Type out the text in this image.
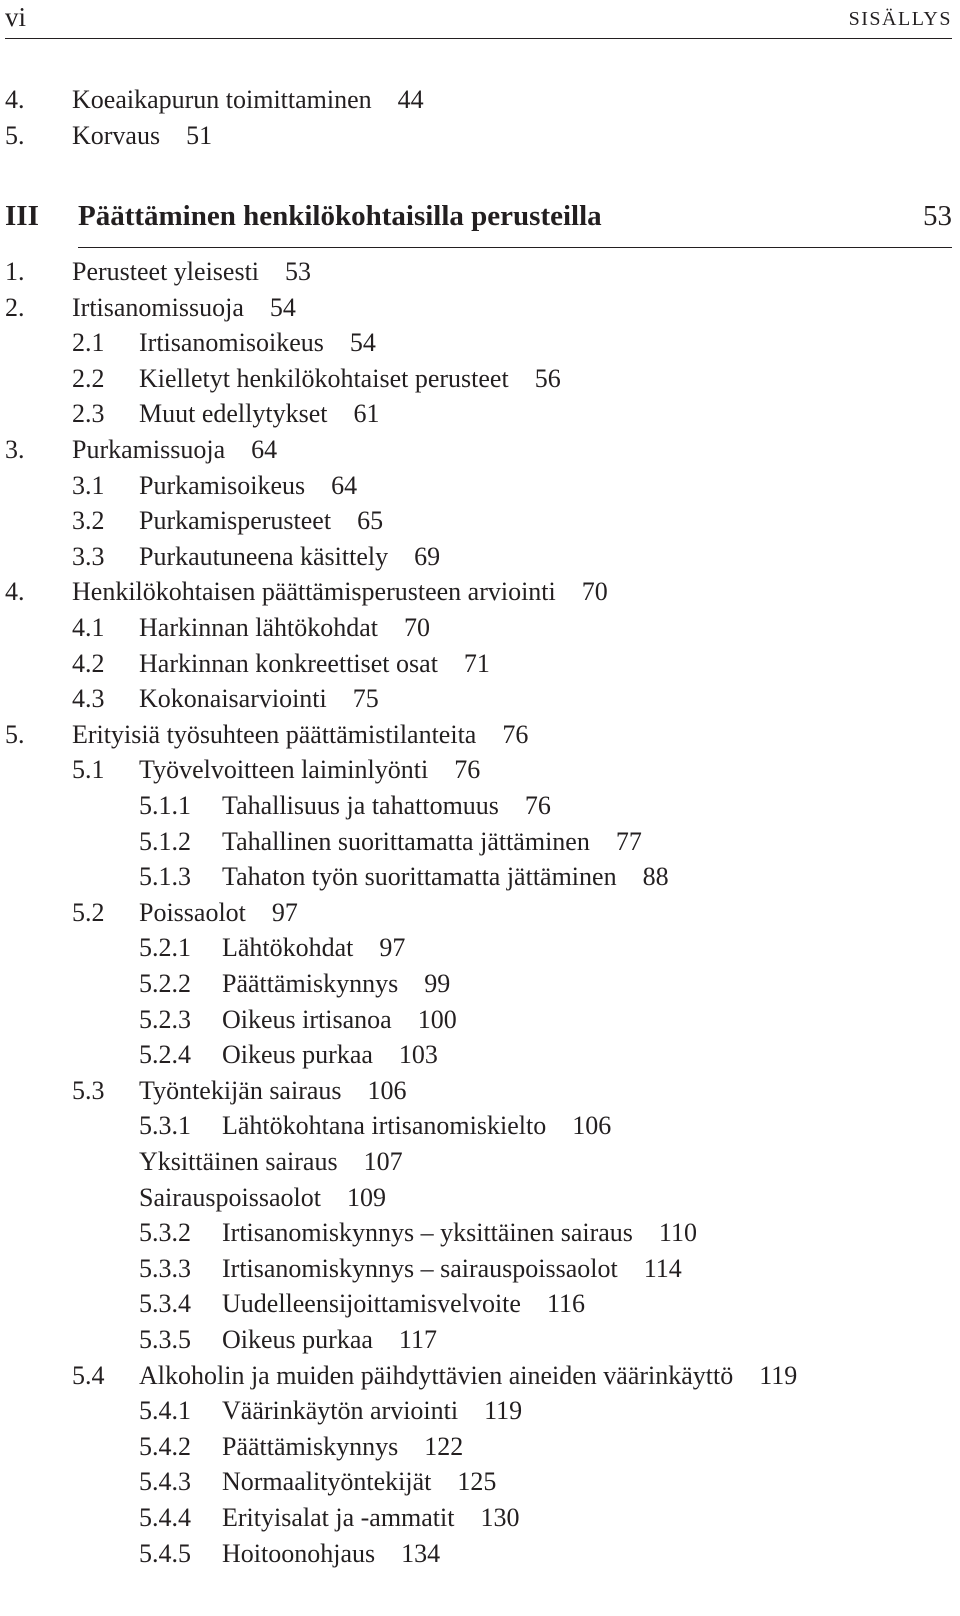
vi	SISÄLLYS
4. Koeaikapurun toimittaminen 44
5. Korvaus 51
III Päättäminen henkilökohtaisilla perusteilla	53
1. Perusteet yleisesti 53
2. Irtisanomissuoja 54
2.1 Irtisanomisoikeus 54
2.2 Kielletyt henkilökohtaiset perusteet 56
2.3 Muut edellytykset 61
3. Purkamissuoja 64
3.1 Purkamisoikeus 64
3.2 Purkamisperusteet 65
3.3 Purkautuneena käsittely 69
4. Henkilökohtaisen päättämisperusteen arviointi 70
4.1 Harkinnan lähtökohdat 70
4.2 Harkinnan konkreettiset osat 71
4.3 Kokonaisarviointi 75
5. Erityisiä työsuhteen päättämistilanteita 76
5.1 Työvelvoitteen laiminlyönti 76
5.1.1 Tahallisuus ja tahattomuus 76
5.1.2 Tahallinen suorittamatta jättäminen 77
5.1.3 Tahaton työn suorittamatta jättäminen 88
5.2 Poissaolot 97
5.2.1 Lähtökohdat 97
5.2.2 Päättämiskynnys 99
5.2.3 Oikeus irtisanoa 100
5.2.4 Oikeus purkaa 103
5.3 Työntekijän sairaus 106
5.3.1 Lähtökohtana irtisanomiskielto 106
Yksittäinen sairaus 107
Sairauspoissaolot 109
5.3.2 Irtisanomiskynnys – yksittäinen sairaus 110
5.3.3 Irtisanomiskynnys – sairauspoissaolot 114
5.3.4 Uudelleensijoittamisvelvoite 116
5.3.5 Oikeus purkaa 117
5.4 Alkoholin ja muiden päihdyttävien aineiden väärinkäyttö 119
5.4.1 Väärinkäytön arviointi 119
5.4.2 Päättämiskynnys 122
5.4.3 Normaalityöntekijät 125
5.4.4 Erityisalat ja -ammatit 130
5.4.5 Hoitoonohjaus 134
